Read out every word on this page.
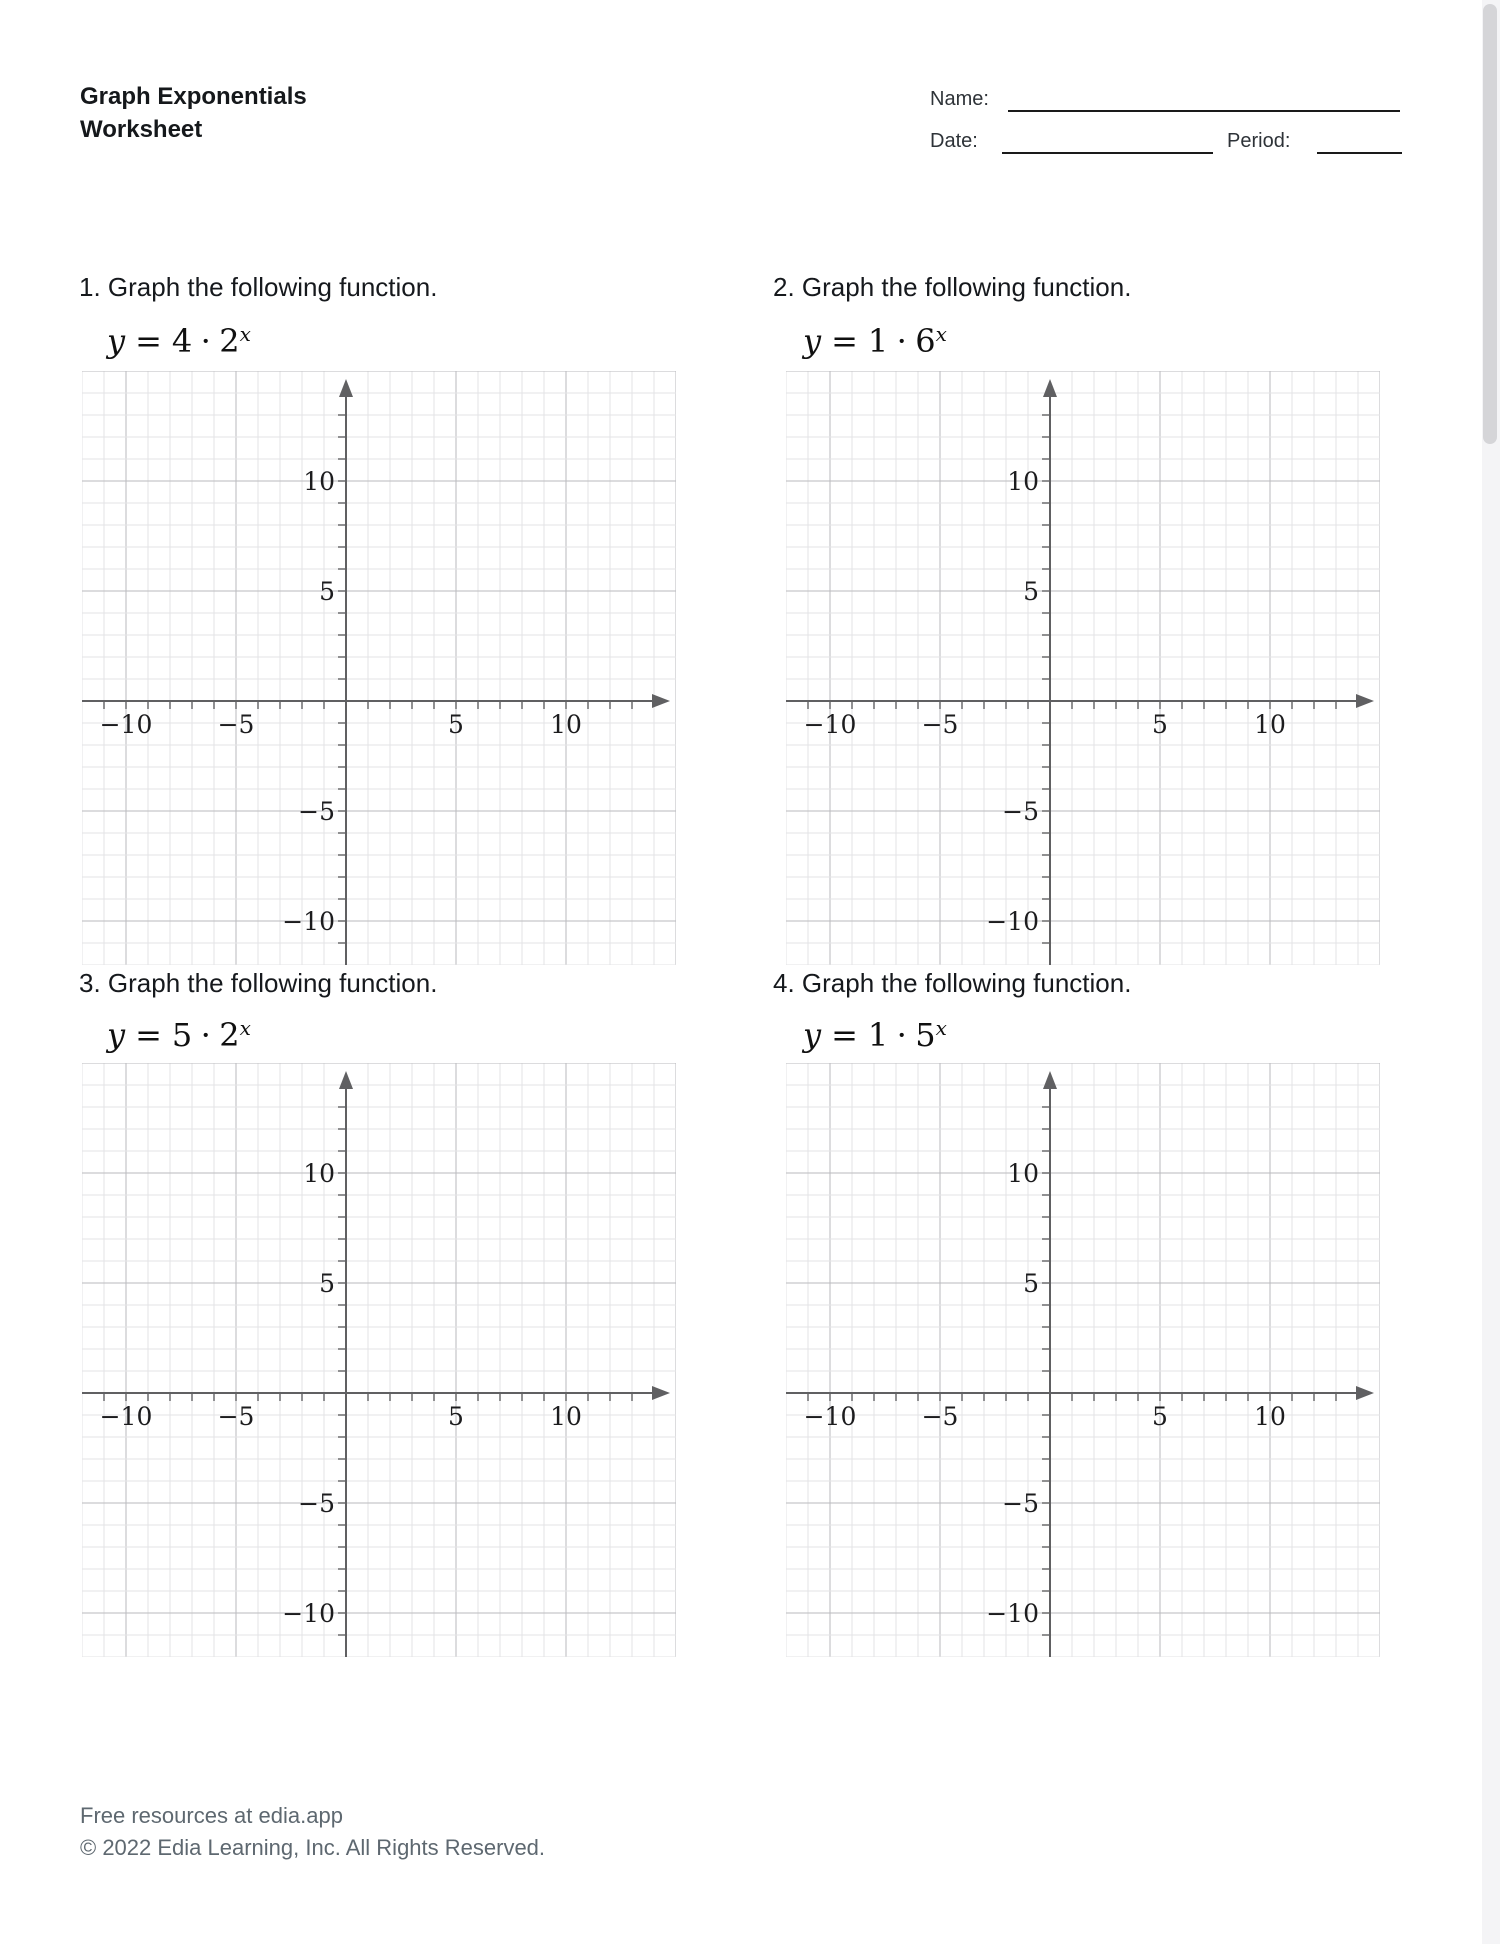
Graph Exponentials
Worksheet
Name:
Date:	Period:
1. Graph the following function.
$y = 4 \cdot 2^x$
−10	−5	5	10
10
5
−5
−10
2. Graph the following function.
$y = 1 \cdot 6^x$
−10	−5	5	10
10
5
−5
−10
3. Graph the following function.
$y = 5 \cdot 2^x$
−10	−5	5	10
10
5
−5
−10
4. Graph the following function.
$y = 1 \cdot 5^x$
−10	−5	5	10
10
5
−5
−10
Free resources at edia.app
© 2022 Edia Learning, Inc. All Rights Reserved.
